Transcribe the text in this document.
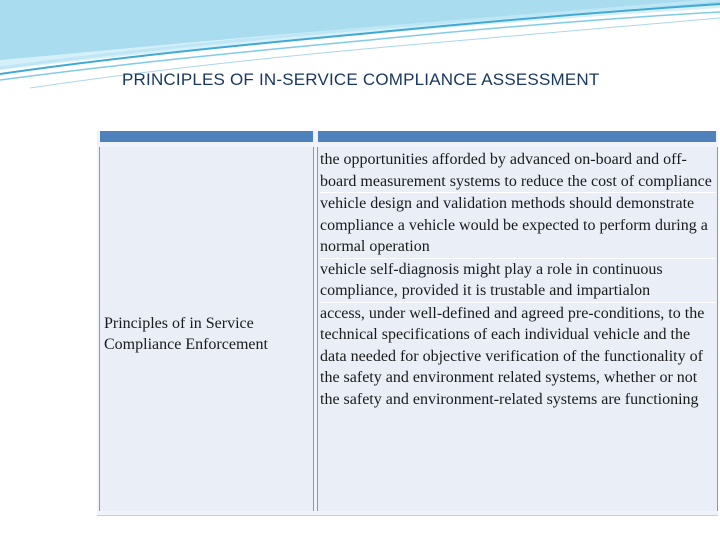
PRINCIPLES OF IN-SERVICE COMPLIANCE ASSESSMENT
Principles of in Service Compliance Enforcement
the opportunities afforded by advanced on-board and off-board measurement systems to reduce the cost of compliance
vehicle design and validation methods should demonstrate compliance a vehicle would be expected to perform during a normal operation
vehicle self-diagnosis might play a role in continuous compliance, provided it is trustable and impartialon
access, under well-defined and agreed pre-conditions, to the technical specifications of each individual vehicle and the data needed for objective verification of the functionality of the safety and environment related systems, whether or not the safety and environment-related systems are functioning
